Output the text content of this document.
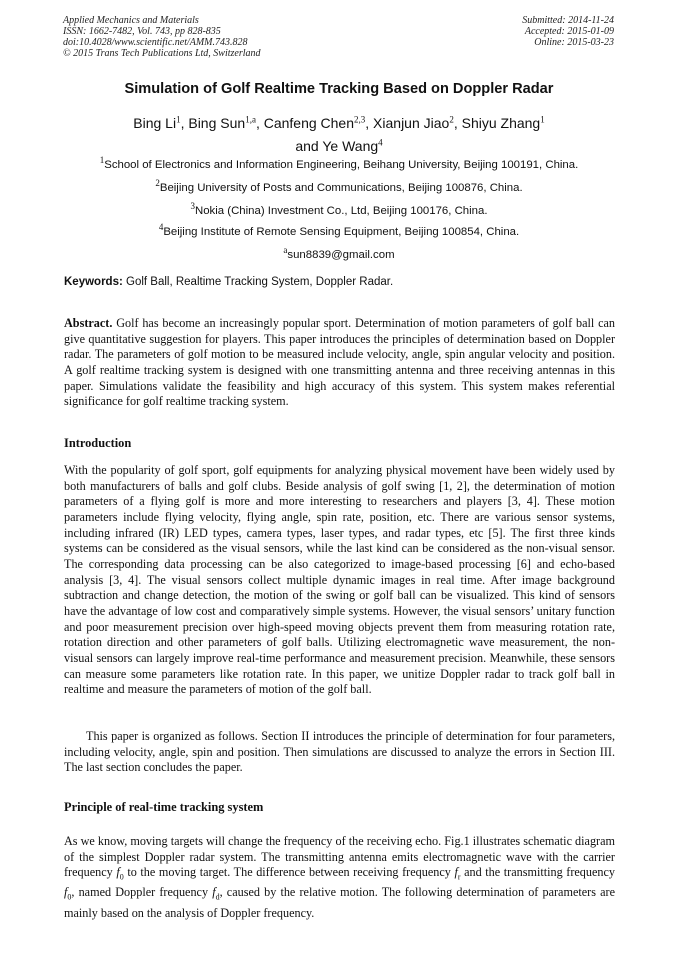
Applied Mechanics and Materials
ISSN: 1662-7482, Vol. 743, pp 828-835
doi:10.4028/www.scientific.net/AMM.743.828
© 2015 Trans Tech Publications Ltd, Switzerland
Submitted: 2014-11-24
Accepted: 2015-01-09
Online: 2015-03-23
Simulation of Golf Realtime Tracking Based on Doppler Radar
Bing Li$^1$, Bing Sun$^{1,a}$, Canfeng Chen$^{2,3}$, Xianjun Jiao$^2$, Shiyu Zhang$^1$
and Ye Wang$^4$
$^1$School of Electronics and Information Engineering, Beihang University, Beijing 100191, China.
$^2$Beijing University of Posts and Communications, Beijing 100876, China.
$^3$Nokia (China) Investment Co., Ltd, Beijing 100176, China.
$^4$Beijing Institute of Remote Sensing Equipment, Beijing 100854, China.
$^a$sun8839@gmail.com
Keywords: Golf Ball, Realtime Tracking System, Doppler Radar.
Abstract. Golf has become an increasingly popular sport. Determination of motion parameters of golf ball can give quantitative suggestion for players. This paper introduces the principles of determination based on Doppler radar. The parameters of golf motion to be measured include velocity, angle, spin angular velocity and position. A golf realtime tracking system is designed with one transmitting antenna and three receiving antennas in this paper. Simulations validate the feasibility and high accuracy of this system. This system makes referential significance for golf realtime tracking system.
Introduction
With the popularity of golf sport, golf equipments for analyzing physical movement have been widely used by both manufacturers of balls and golf clubs. Beside analysis of golf swing [1, 2], the determination of motion parameters of a flying golf is more and more interesting to researchers and players [3, 4]. These motion parameters include flying velocity, flying angle, spin rate, position, etc. There are various sensor systems, including infrared (IR) LED types, camera types, laser types, and radar types, etc [5]. The first three kinds systems can be considered as the visual sensors, while the last kind can be considered as the non-visual sensor. The corresponding data processing can be also categorized to image-based processing [6] and echo-based analysis [3, 4]. The visual sensors collect multiple dynamic images in real time. After image background subtraction and change detection, the motion of the swing or golf ball can be visualized. This kind of sensors have the advantage of low cost and comparatively simple systems. However, the visual sensors’ unitary function and poor measurement precision over high-speed moving objects prevent them from measuring rotation rate, rotation direction and other parameters of golf balls. Utilizing electromagnetic wave measurement, the non-visual sensors can largely improve real-time performance and measurement precision. Meanwhile, these sensors can measure some parameters like rotation rate. In this paper, we unitize Doppler radar to track golf ball in realtime and measure the parameters of motion of the golf ball.
This paper is organized as follows. Section II introduces the principle of determination for four parameters, including velocity, angle, spin and position. Then simulations are discussed to analyze the errors in Section III. The last section concludes the paper.
Principle of real-time tracking system
As we know, moving targets will change the frequency of the receiving echo. Fig.1 illustrates schematic diagram of the simplest Doppler radar system. The transmitting antenna emits electromagnetic wave with the carrier frequency $f_0$ to the moving target. The difference between receiving frequency $f_r$ and the transmitting frequency $f_0$, named Doppler frequency $f_d$, caused by the relative motion. The following determination of parameters are mainly based on the analysis of Doppler frequency.
